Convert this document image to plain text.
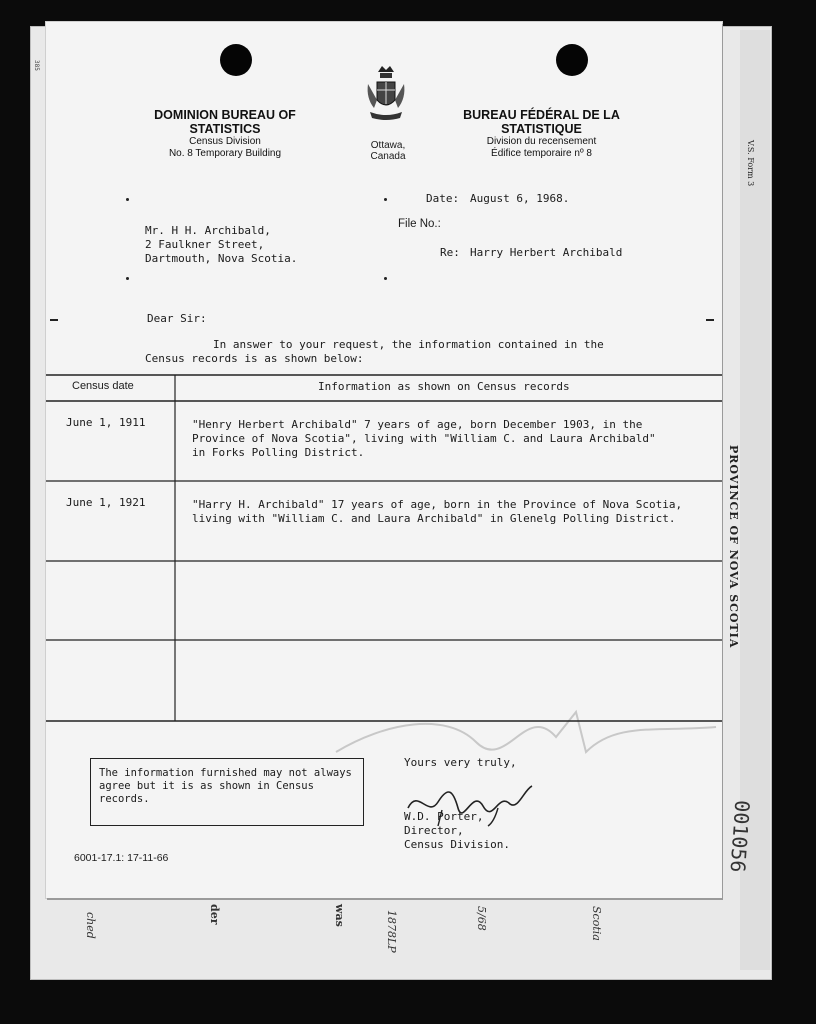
385
V.S. Form 3
PROVINCE OF NOVA SCOTIA
001056
ched	der	was	1878LP	5/68	Scotia
DOMINION BUREAU OF STATISTICS
Census Division
No. 8 Temporary Building
Ottawa, Canada
BUREAU FÉDÉRAL DE LA STATISTIQUE
Division du recensement
Édifice temporaire nº 8
Date: August 6, 1968.
Mr. H H. Archibald,
2 Faulkner Street,
Dartmouth, Nova Scotia.
File No.:
Re: Harry Herbert Archibald
Dear Sir:
In answer to your request, the information contained in the
Census records is as shown below:
Census date	Information as shown on Census records
June 1, 1911	"Henry Herbert Archibald" 7 years of age, born December 1903, in the
Province of Nova Scotia", living with "William C. and Laura Archibald"
in Forks Polling District.
June 1, 1921	"Harry H. Archibald" 17 years of age, born in the Province of Nova Scotia,
living with "William C. and Laura Archibald" in Glenelg Polling District.
The information furnished may not always
agree but it is as shown in Census
records.
Yours very truly,
W.D. Porter,
Director,
Census Division.
6001-17.1: 17-11-66
